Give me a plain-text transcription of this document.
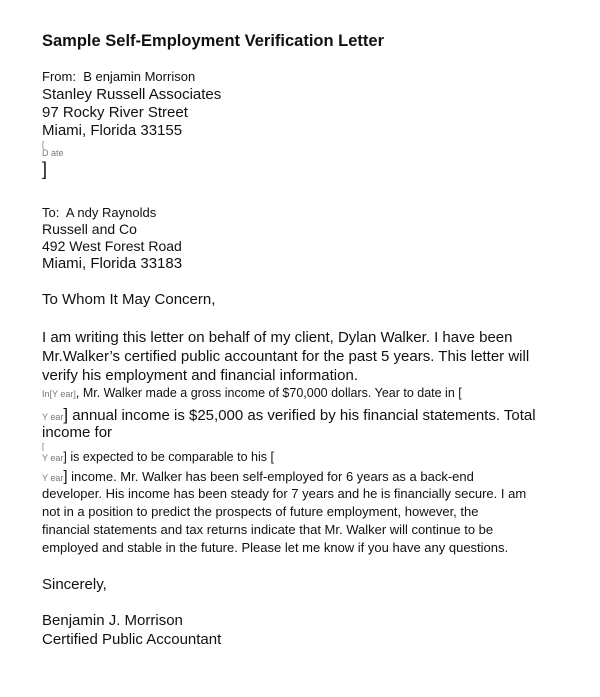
Sample Self-Employment Verification Letter
From: B enjamin Morrison
Stanley Russell Associates
97 Rocky River Street
Miami, Florida 33155
[
D ate
]
To: A ndy Raynolds
Russell and Co
492 West Forest Road
Miami, Florida 33183
To Whom It May Concern,
I am writing this letter on behalf of my client, Dylan Walker. I have been
Mr.Walker’s certified public accountant for the past 5 years. This letter will
verify his employment and financial information.
In[Y ear], Mr. Walker made a gross income of $70,000 dollars. Year to date in [
Y ear] annual income is $25,000 as verified by his financial statements. Total
income for
[
Y ear] is expected to be comparable to his [
Y ear] income. Mr. Walker has been self-employed for 6 years as a back-end
developer. His income has been steady for 7 years and he is financially secure. I am
not in a position to predict the prospects of future employment, however, the
financial statements and tax returns indicate that Mr. Walker will continue to be
employed and stable in the future. Please let me know if you have any questions.
Sincerely,
Benjamin J. Morrison
Certified Public Accountant
